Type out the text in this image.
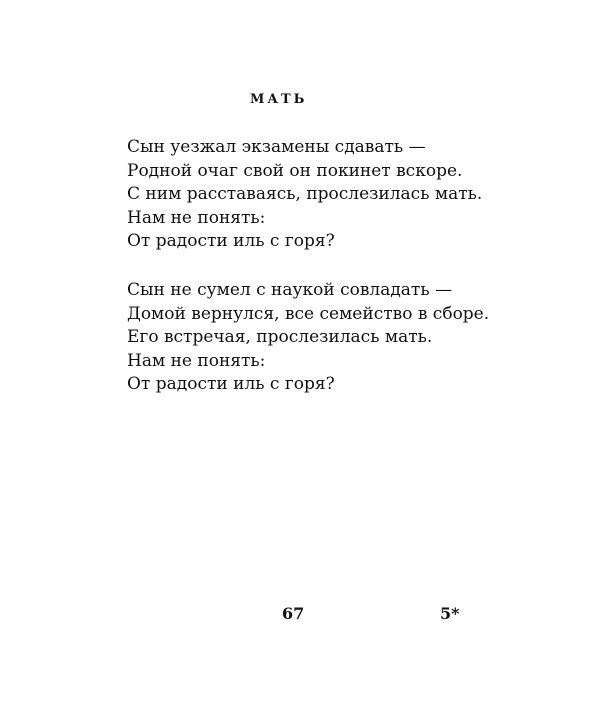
МАТЬ
Сын уезжал экзамены сдавать —
Родной очаг свой он покинет вскоре.
С ним расставаясь, прослезилась мать.
Нам не понять:
От радости иль с горя?
Сын не сумел с наукой совладать —
Домой вернулся, все семейство в сборе.
Его встречая, прослезилась мать.
Нам не понять:
От радости иль с горя?
67	5*
